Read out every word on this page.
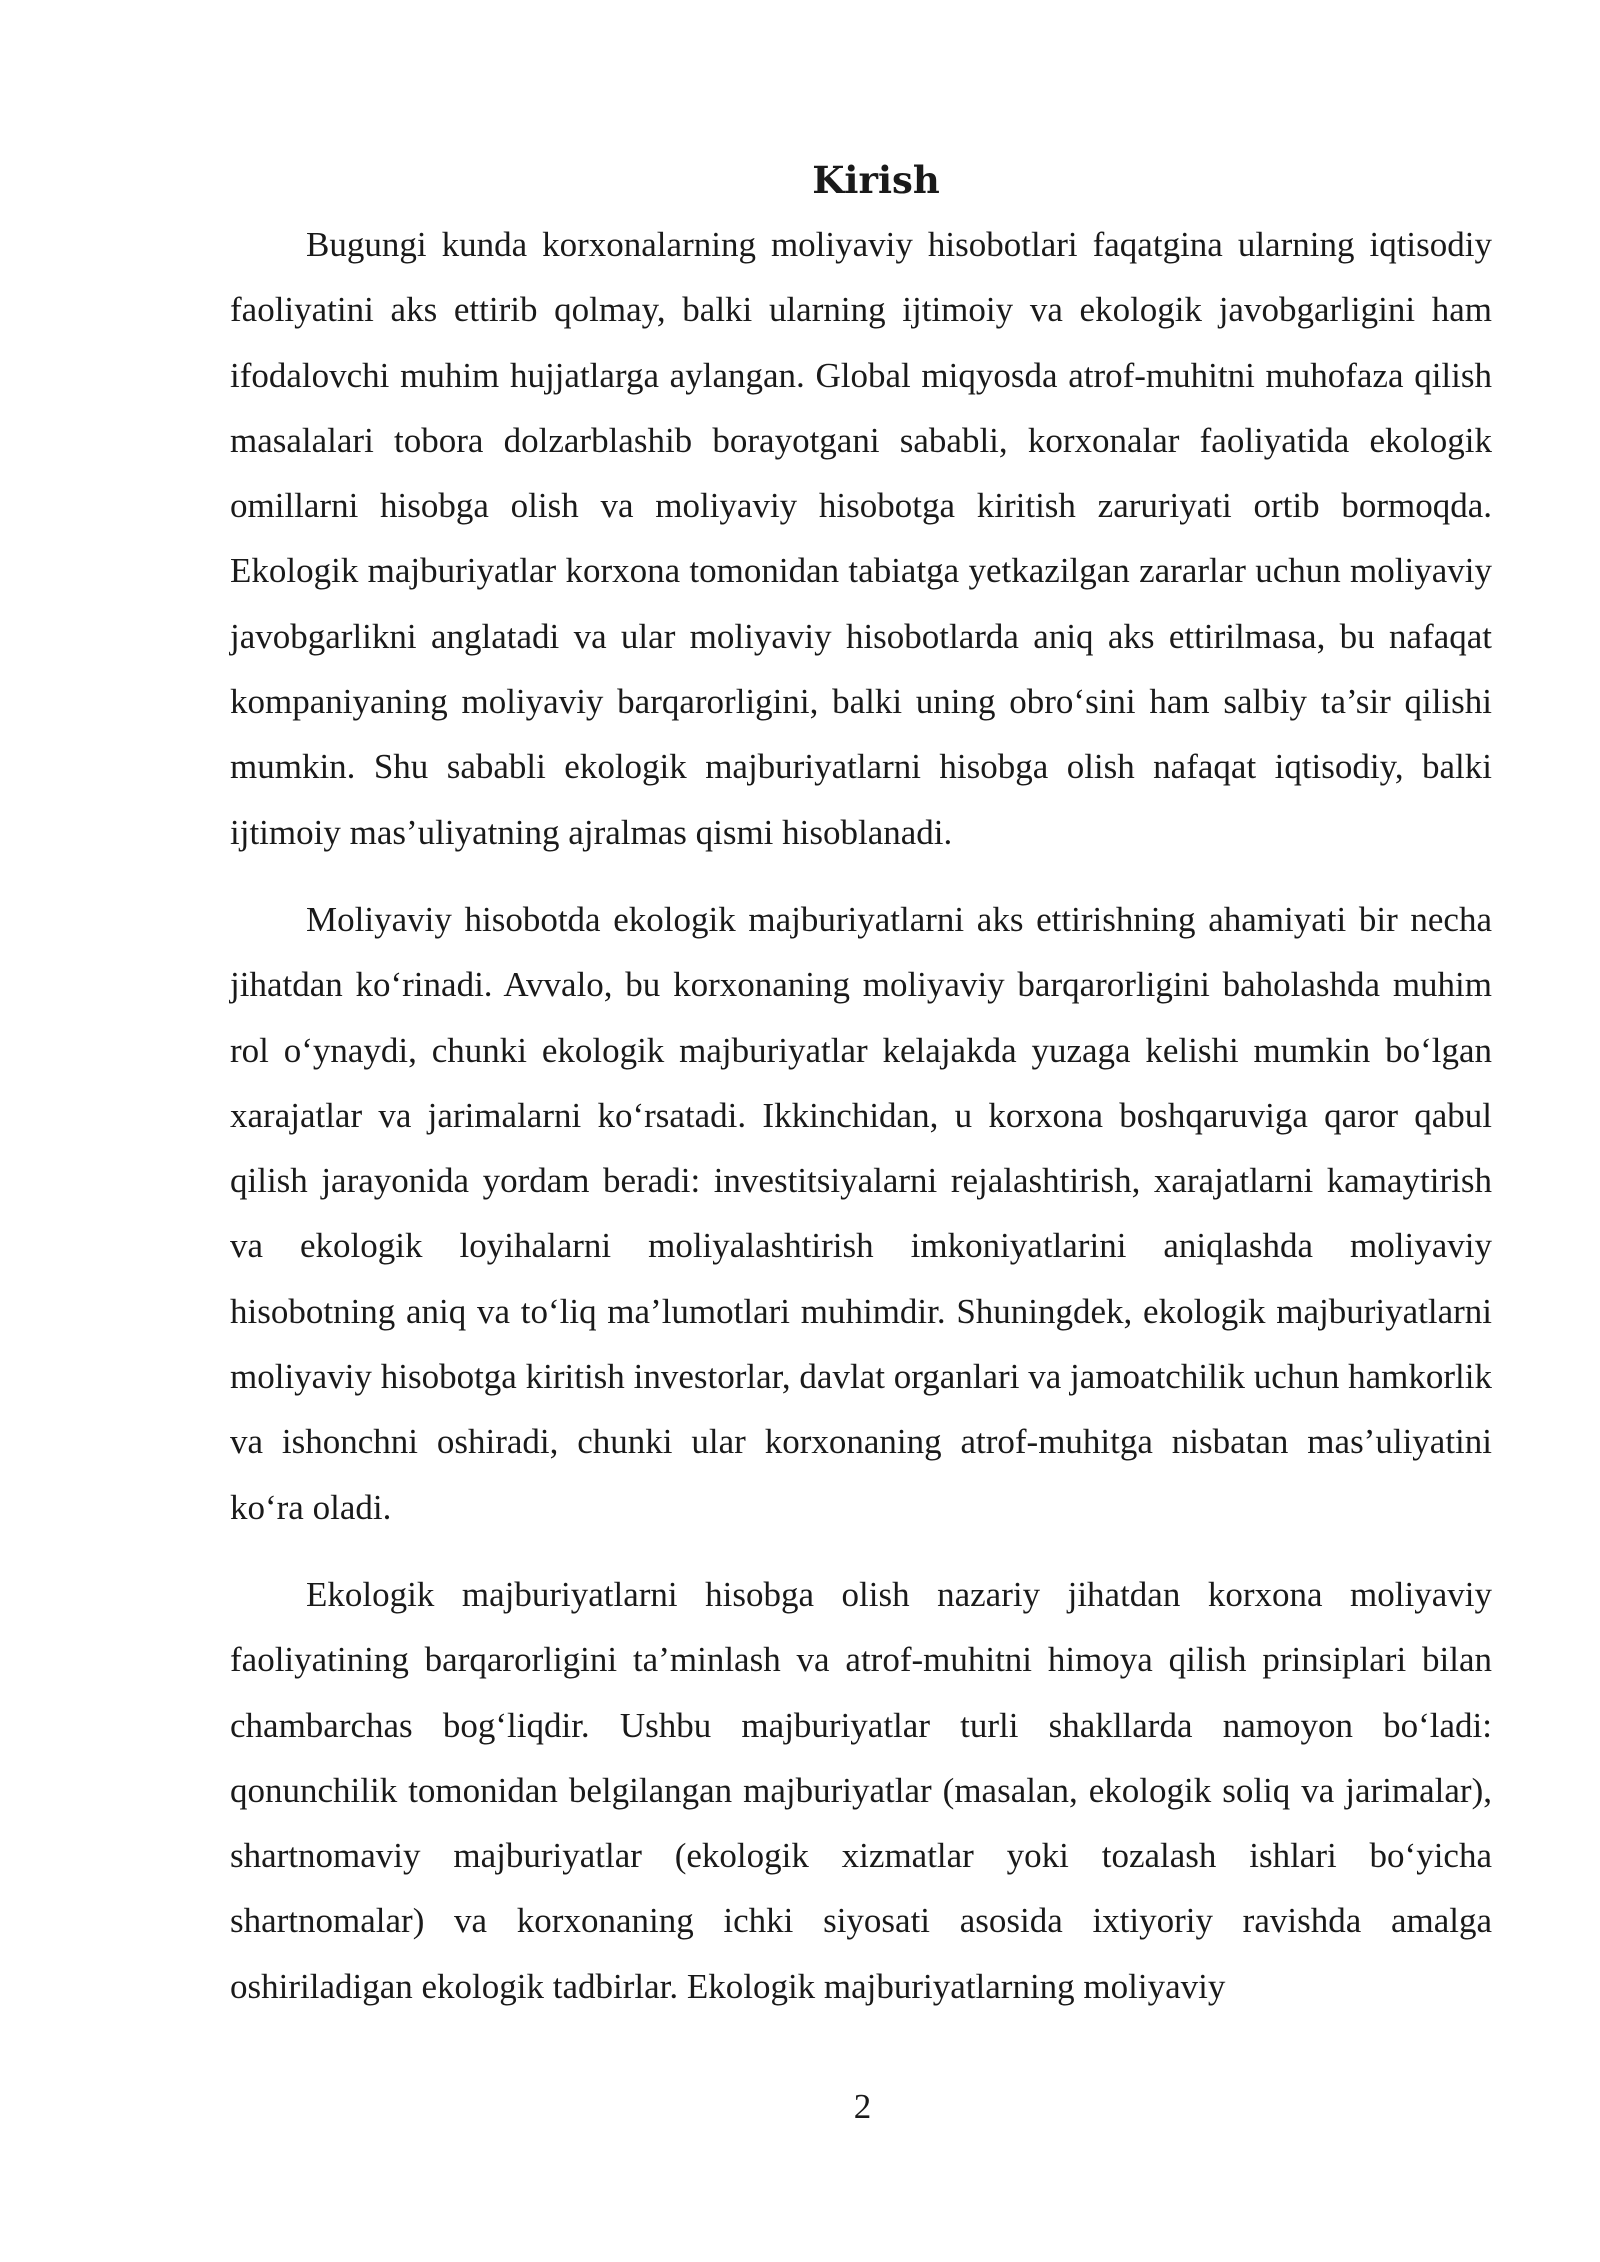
Kirish

Bugungi kunda korxonalarning moliyaviy hisobotlari faqatgina ularning iqtisodiy faoliyatini aks ettirib qolmay, balki ularning ijtimoiy va ekologik javobgarligini ham ifodalovchi muhim hujjatlarga aylangan. Global miqyosda atrof-muhitni muhofaza qilish masalalari tobora dolzarblashib borayotgani sababli, korxonalar faoliyatida ekologik omillarni hisobga olish va moliyaviy hisobotga kiritish zaruriyati ortib bormoqda. Ekologik majburiyatlar korxona tomonidan tabiatga yetkazilgan zararlar uchun moliyaviy javobgarlikni anglatadi va ular moliyaviy hisobotlarda aniq aks ettirilmasa, bu nafaqat kompaniyaning moliyaviy barqarorligini, balki uning obro‘sini ham salbiy ta’sir qilishi mumkin. Shu sababli ekologik majburiyatlarni hisobga olish nafaqat iqtisodiy, balki ijtimoiy mas’uliyatning ajralmas qismi hisoblanadi.

Moliyaviy hisobotda ekologik majburiyatlarni aks ettirishning ahamiyati bir necha jihatdan ko‘rinadi. Avvalo, bu korxonaning moliyaviy barqarorligini baholashda muhim rol o‘ynaydi, chunki ekologik majburiyatlar kelajakda yuzaga kelishi mumkin bo‘lgan xarajatlar va jarimalarni ko‘rsatadi. Ikkinchidan, u korxona boshqaruviga qaror qabul qilish jarayonida yordam beradi: investitsiyalarni rejalashtirish, xarajatlarni kamaytirish va ekologik loyihalarni moliyalashtirish imkoniyatlarini aniqlashda moliyaviy hisobotning aniq va to‘liq ma’lumotlari muhimdir. Shuningdek, ekologik majburiyatlarni moliyaviy hisobotga kiritish investorlar, davlat organlari va jamoatchilik uchun hamkorlik va ishonchni oshiradi, chunki ular korxonaning atrof-muhitga nisbatan mas’uliyatini ko‘ra oladi.

Ekologik majburiyatlarni hisobga olish nazariy jihatdan korxona moliyaviy faoliyatining barqarorligini ta’minlash va atrof-muhitni himoya qilish prinsiplari bilan chambarchas bog‘liqdir. Ushbu majburiyatlar turli shakllarda namoyon bo‘ladi: qonunchilik tomonidan belgilangan majburiyatlar (masalan, ekologik soliq va jarimalar), shartnomaviy majburiyatlar (ekologik xizmatlar yoki tozalash ishlari bo‘yicha shartnomalar) va korxonaning ichki siyosati asosida ixtiyoriy ravishda amalga oshiriladigan ekologik tadbirlar. Ekologik majburiyatlarning moliyaviy

2
